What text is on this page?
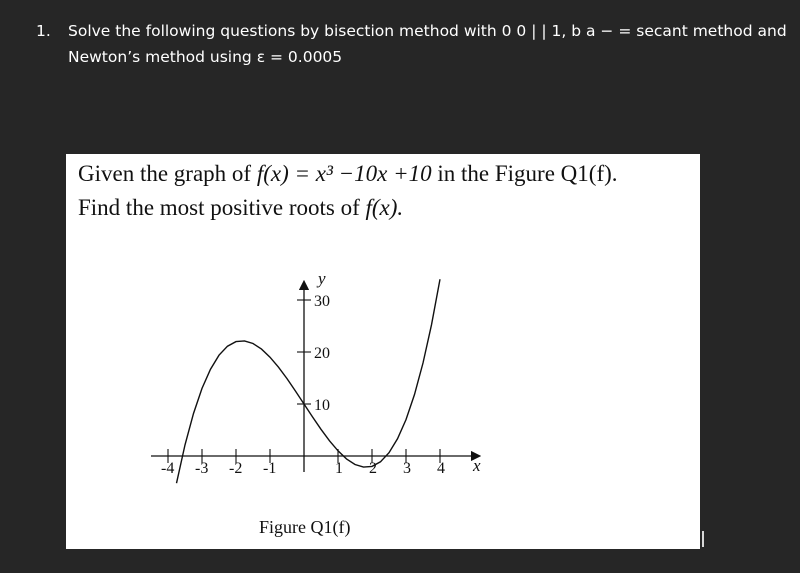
1. Solve the following questions by bisection method with 0 0 | | 1, b a − = secant method and
Newton’s method using ε = 0.0005
Given the graph of f(x) = x³ −10x +10 in the Figure Q1(f).
Find the most positive roots of f(x).
-4 -3 -2 -1	1 2 3 4
10
20
30
x
y
Figure Q1(f)
